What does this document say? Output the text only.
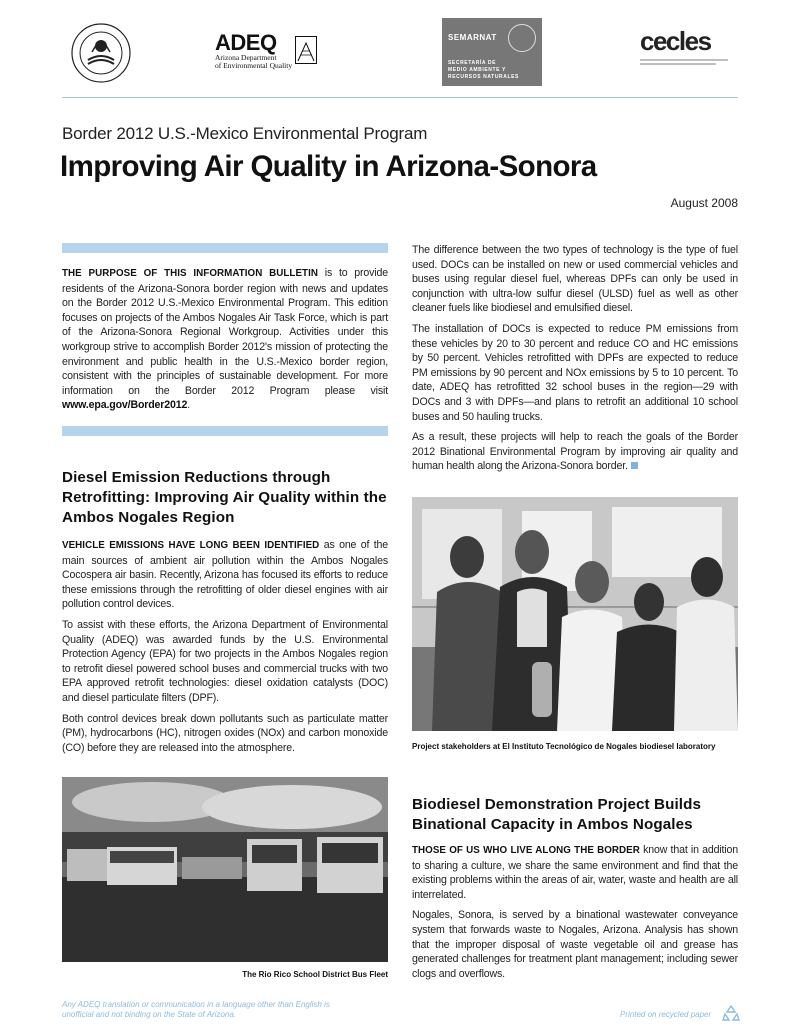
ADEQ
Arizona Department
of Environmental Quality
SEMARNAT
SECRETARÍA DE
MEDIO AMBIENTE Y
RECURSOS NATURALES
cecles
Border 2012 U.S.-Mexico Environmental Program
Improving Air Quality in Arizona-Sonora
August 2008

THE PURPOSE OF THIS INFORMATION BULLETIN is to provide residents of the Arizona-Sonora border region with news and updates on the Border 2012 U.S.-Mexico Environmental Program. This edition focuses on projects of the Ambos Nogales Air Task Force, which is part of the Arizona-Sonora Regional Workgroup. Activities under this workgroup strive to accomplish Border 2012's mission of protecting the environment and public health in the U.S.-Mexico border region, consistent with the principles of sustainable development. For more information on the Border 2012 Program please visit www.epa.gov/Border2012.

Diesel Emission Reductions through Retrofitting: Improving Air Quality within the Ambos Nogales Region

VEHICLE EMISSIONS HAVE LONG BEEN IDENTIFIED as one of the main sources of ambient air pollution within the Ambos Nogales Cocospera air basin. Recently, Arizona has focused its efforts to reduce these emissions through the retrofitting of older diesel engines with air pollution control devices.

To assist with these efforts, the Arizona Department of Environmental Quality (ADEQ) was awarded funds by the U.S. Environmental Protection Agency (EPA) for two projects in the Ambos Nogales region to retrofit diesel powered school buses and commercial trucks with two EPA approved retrofit technologies: diesel oxidation catalysts (DOC) and diesel particulate filters (DPF).

Both control devices break down pollutants such as particulate matter (PM), hydrocarbons (HC), nitrogen oxides (NOx) and carbon monoxide (CO) before they are released into the atmosphere.

The difference between the two types of technology is the type of fuel used. DOCs can be installed on new or used commercial vehicles and buses using regular diesel fuel, whereas DPFs can only be used in conjunction with ultra-low sulfur diesel (ULSD) fuel as well as other cleaner fuels like biodiesel and emulsified diesel.

The installation of DOCs is expected to reduce PM emissions from these vehicles by 20 to 30 percent and reduce CO and HC emissions by 50 percent. Vehicles retrofitted with DPFs are expected to reduce PM emissions by 90 percent and NOx emissions by 5 to 10 percent. To date, ADEQ has retrofitted 32 school buses in the region—29 with DOCs and 3 with DPFs—and plans to retrofit an additional 10 school buses and 50 hauling trucks.

As a result, these projects will help to reach the goals of the Border 2012 Binational Environmental Program by improving air quality and human health along the Arizona-Sonora border.

Project stakeholders at El Instituto Tecnológico de Nogales biodiesel laboratory
Biodiesel Demonstration Project Builds Binational Capacity in Ambos Nogales

THOSE OF US WHO LIVE ALONG THE BORDER know that in addition to sharing a culture, we share the same environment and find that the existing problems within the areas of air, water, waste and health are all interrelated.

Nogales, Sonora, is served by a binational wastewater conveyance system that forwards waste to Nogales, Arizona. Analysis has shown that the improper disposal of waste vegetable oil and grease has generated challenges for treatment plant management; including sewer clogs and overflows.

The Rio Rico School District Bus Fleet
Any ADEQ translation or communication in a language other than English is unofficial and not binding on the State of Arizona.	Printed on recycled paper
